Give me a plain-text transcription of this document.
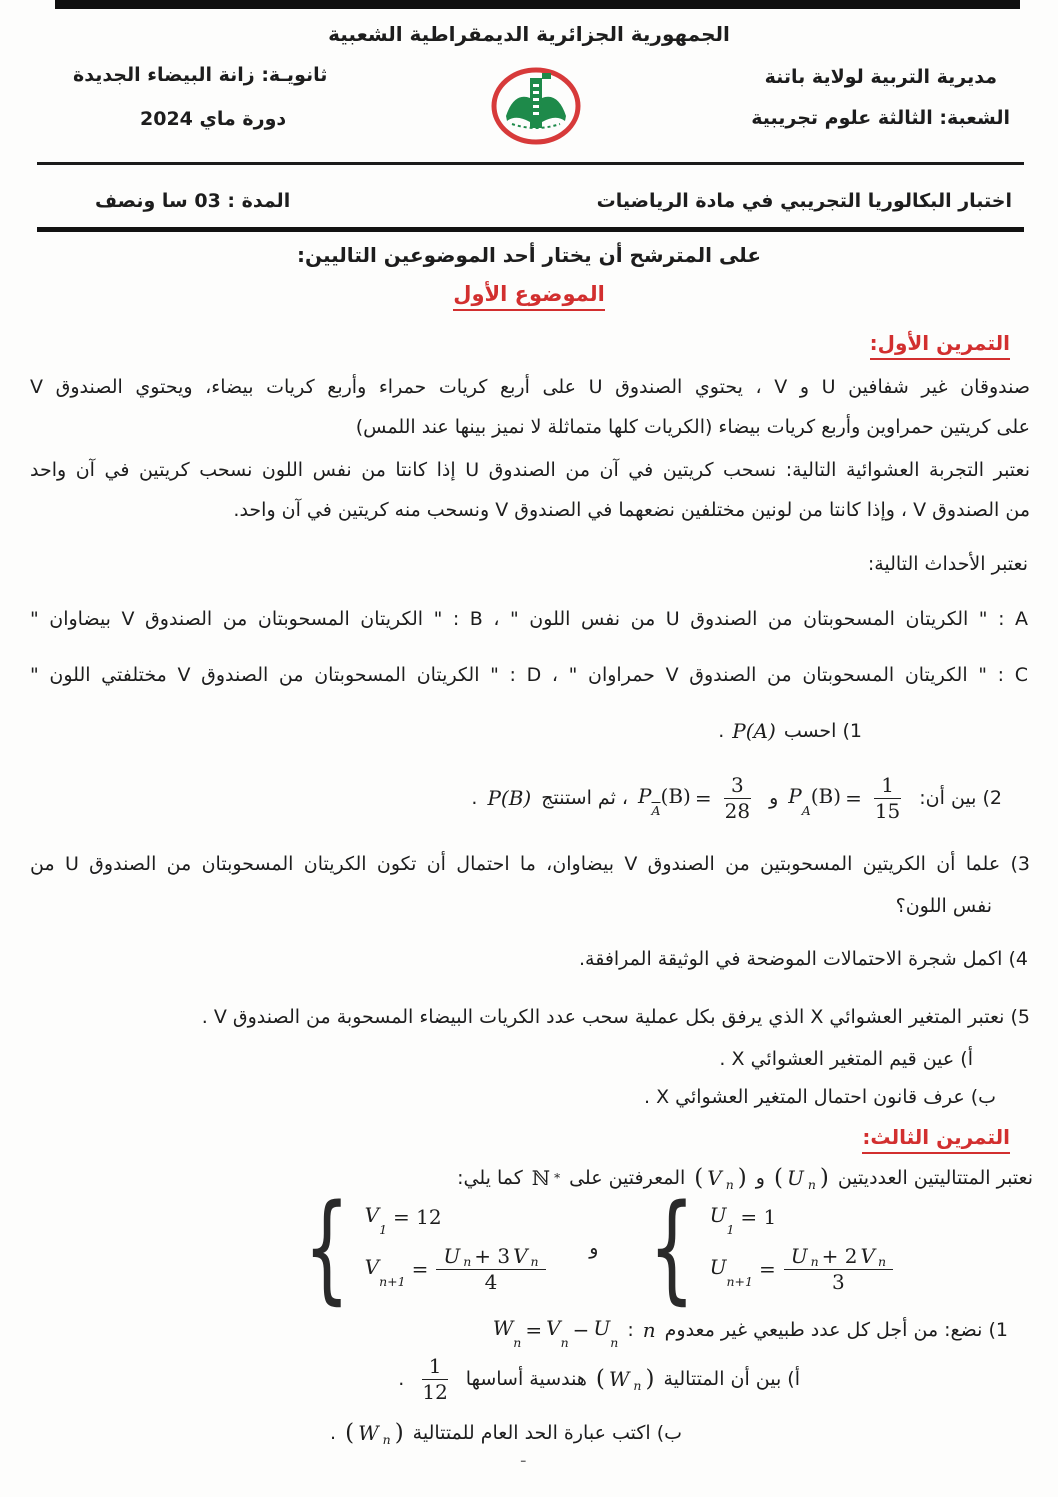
الجمهورية الجزائرية الديمقراطية الشعبية
مديرية التربية لولاية باتنة
الشعبة: الثالثة علوم تجريبية
ثانويـة: زانة البيضاء الجديدة
دورة ماي 2024
اختبار البكالوريا التجريبي في مادة الرياضيات
المدة : 03 سا ونصف
على المترشح أن يختار أحد الموضوعين التاليين:
الموضوع الأول
التمرين الأول:
صندوقان غير شفافين U و V ، يحتوي الصندوق U على أربع كريات حمراء وأربع كريات بيضاء، ويحتوي الصندوق V
على كريتين حمراوين وأربع كريات بيضاء (الكريات كلها متماثلة لا نميز بينها عند اللمس)
نعتبر التجربة العشوائية التالية: نسحب كريتين في آن من الصندوق U إذا كانتا من نفس اللون نسحب كريتين في آن واحد
من الصندوق V ، وإذا كانتا من لونين مختلفين نضعهما في الصندوق V ونسحب منه كريتين في آن واحد.
نعتبر الأحداث التالية:
A : " الكريتان المسحوبتان من الصندوق U من نفس اللون " ، B : " الكريتان المسحوبتان من الصندوق V بيضاوان "
C : " الكريتان المسحوبتان من الصندوق V حمراوان " ، D : " الكريتان المسحوبتان من الصندوق V مختلفتي اللون "
1) احسب
P(A)
.
2) بين أن:
$P_A(B) = \frac{1}{15}$
و
$P_{\overline{A}}(B) = \frac{3}{28}$
، ثم استنتج
P(B)
.
3) علما أن الكريتين المسحوبتين من الصندوق V بيضاوان، ما احتمال أن تكون الكريتان المسحوبتان من الصندوق U من
نفس اللون؟
4) اكمل شجرة الاحتمالات الموضحة في الوثيقة المرافقة.
5) نعتبر المتغير العشوائي X الذي يرفق بكل عملية سحب عدد الكريات البيضاء المسحوبة من الصندوق V .
أ) عين قيم المتغير العشوائي X .
ب) عرف قانون احتمال المتغير العشوائي X .
التمرين الثالث:
نعتبر المتتاليتين العدديتين
( U n )
و
( V n )
المعرفتين على
ℕ *
كما يلي:
{ $V_1$
= 12
$V_{n+1}$
= $\frac{\text{U n + 3 V n}}{4}$ و { $U_1$
= 1
$U_{n+1}$
= $\frac{\text{U n + 2 V n}}{3}$
1) نضع: من أجل كل عدد طبيعي غير معدوم
n
:
$W_n$
= $V_n$
− $U_n$
أ) بين أن المتتالية
( W n )
هندسية أساسها
$\frac{1}{12}$
.
ب) اكتب عبارة الحد العام للمتتالية
( W n )
.
-
